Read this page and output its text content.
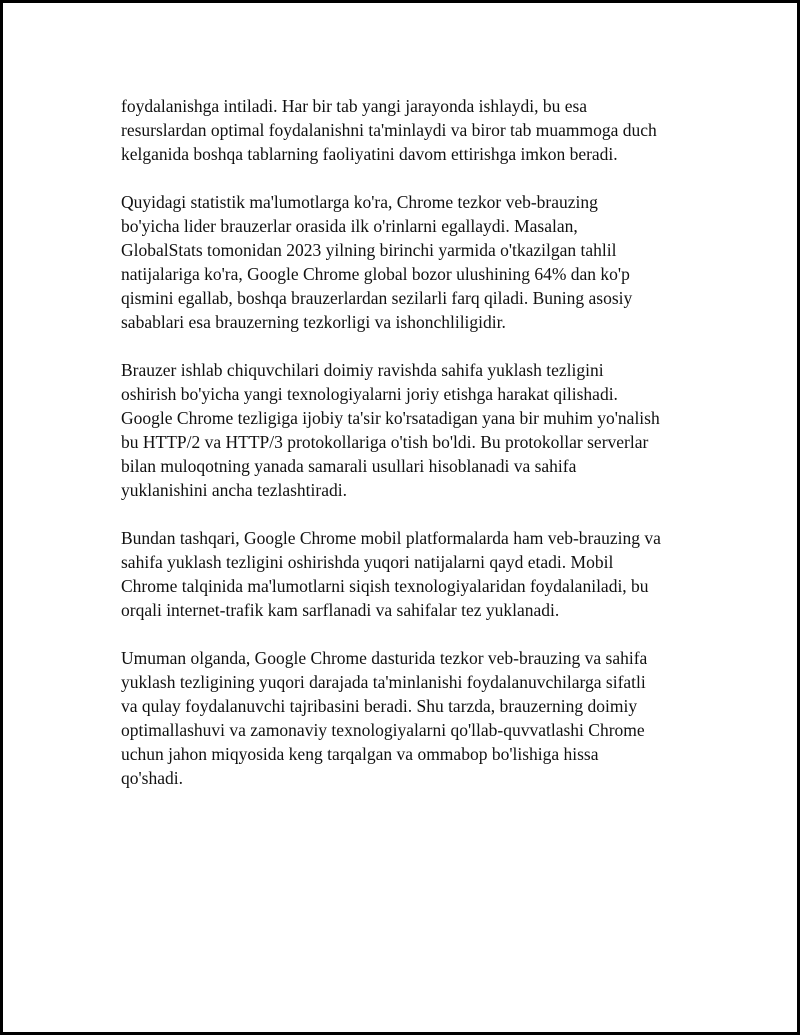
foydalanishga intiladi. Har bir tab yangi jarayonda ishlaydi, bu esa
resurslardan optimal foydalanishni ta'minlaydi va biror tab muammoga duch
kelganida boshqa tablarning faoliyatini davom ettirishga imkon beradi.

Quyidagi statistik ma'lumotlarga ko'ra, Chrome tezkor veb-brauzing
bo'yicha lider brauzerlar orasida ilk o'rinlarni egallaydi. Masalan,
GlobalStats tomonidan 2023 yilning birinchi yarmida o'tkazilgan tahlil
natijalariga ko'ra, Google Chrome global bozor ulushining 64% dan ko'p
qismini egallab, boshqa brauzerlardan sezilarli farq qiladi. Buning asosiy
sabablari esa brauzerning tezkorligi va ishonchliligidir.

Brauzer ishlab chiquvchilari doimiy ravishda sahifa yuklash tezligini
oshirish bo'yicha yangi texnologiyalarni joriy etishga harakat qilishadi.
Google Chrome tezligiga ijobiy ta'sir ko'rsatadigan yana bir muhim yo'nalish
bu HTTP/2 va HTTP/3 protokollariga o'tish bo'ldi. Bu protokollar serverlar
bilan muloqotning yanada samarali usullari hisoblanadi va sahifa
yuklanishini ancha tezlashtiradi.

Bundan tashqari, Google Chrome mobil platformalarda ham veb-brauzing va
sahifa yuklash tezligini oshirishda yuqori natijalarni qayd etadi. Mobil
Chrome talqinida ma'lumotlarni siqish texnologiyalaridan foydalaniladi, bu
orqali internet-trafik kam sarflanadi va sahifalar tez yuklanadi.

Umuman olganda, Google Chrome dasturida tezkor veb-brauzing va sahifa
yuklash tezligining yuqori darajada ta'minlanishi foydalanuvchilarga sifatli
va qulay foydalanuvchi tajribasini beradi. Shu tarzda, brauzerning doimiy
optimallashuvi va zamonaviy texnologiyalarni qo'llab-quvvatlashi Chrome
uchun jahon miqyosida keng tarqalgan va ommabop bo'lishiga hissa
qo'shadi.
